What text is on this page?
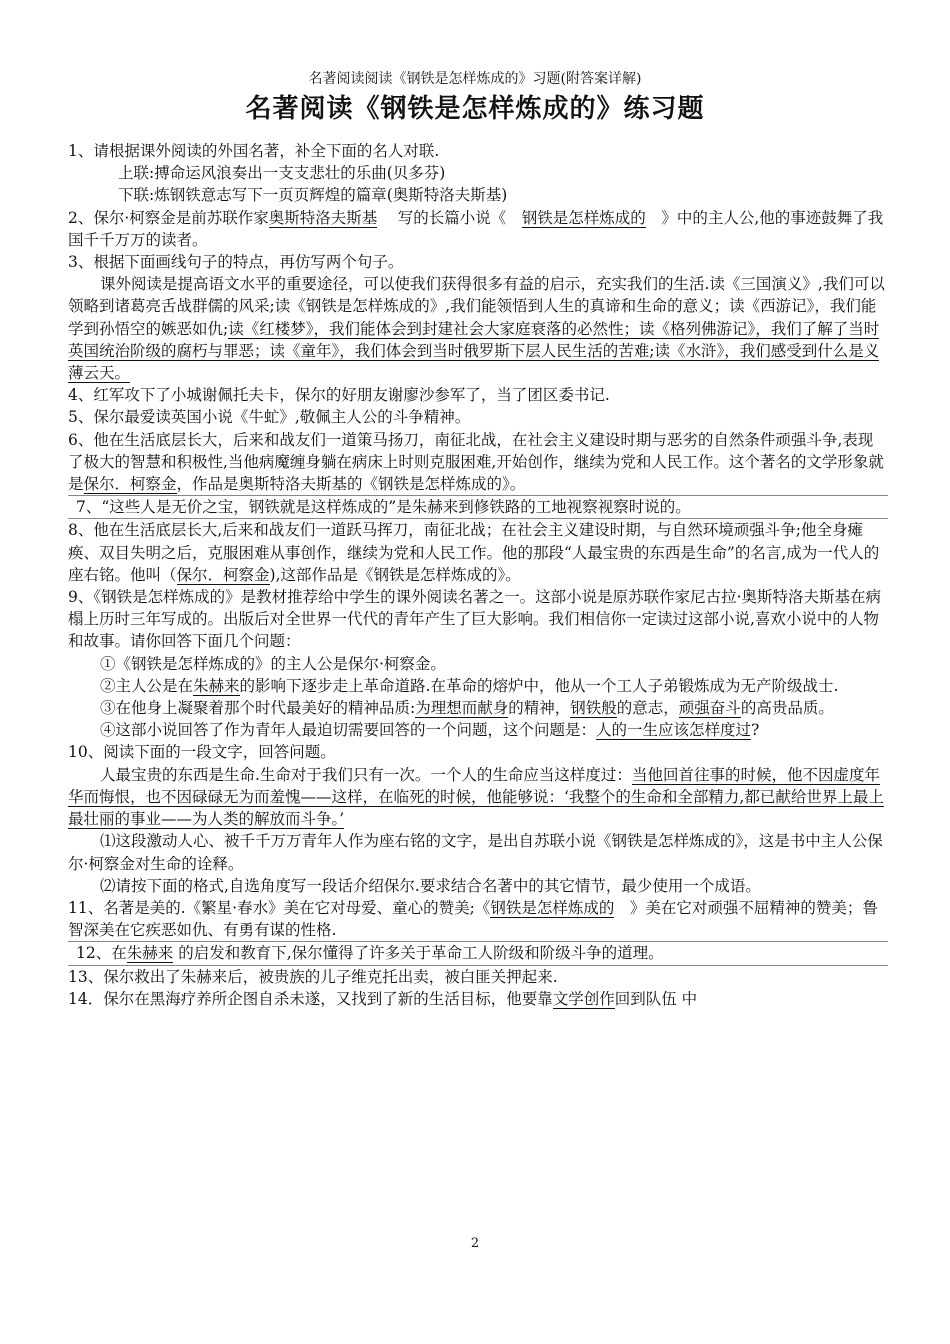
名著阅读阅读《钢铁是怎样炼成的》习题(附答案详解)
名著阅读《钢铁是怎样炼成的》练习题

1、请根据课外阅读的外国名著，补全下面的名人对联.

上联:搏命运风浪奏出一支支悲壮的乐曲(贝多芬)

下联:炼钢铁意志写下一页页辉煌的篇章(奥斯特洛夫斯基)

2、保尔·柯察金是前苏联作家奥斯特洛夫斯基　 写的长篇小说《　 钢铁是怎样炼成的　 》中的主人公,他的事迹鼓舞了我国千千万万的读者。

3、根据下面画线句子的特点，再仿写两个句子。

课外阅读是提高语文水平的重要途径，可以使我们获得很多有益的启示，充实我们的生活.读《三国演义》,我们可以领略到诸葛亮舌战群儒的风采;读《钢铁是怎样炼成的》,我们能领悟到人生的真谛和生命的意义；读《西游记》，我们能学到孙悟空的嫉恶如仇;读《红楼梦》，我们能体会到封建社会大家庭衰落的必然性；读《格列佛游记》，我们了解了当时英国统治阶级的腐朽与罪恶；读《童年》，我们体会到当时俄罗斯下层人民生活的苦难;读《水浒》，我们感受到什么是义薄云天。

4、红军攻下了小城谢佩托夫卡，保尔的好朋友谢廖沙参军了，当了团区委书记.

5、保尔最爱读英国小说《牛虻》,敬佩主人公的斗争精神。

6、他在生活底层长大，后来和战友们一道策马扬刀，南征北战，在社会主义建设时期与恶劣的自然条件顽强斗争,表现了极大的智慧和积极性,当他病魔缠身躺在病床上时则克服困难,开始创作，继续为党和人民工作。这个著名的文学形象就是保尔．柯察金，作品是奥斯特洛夫斯基的《钢铁是怎样炼成的》。

7、“这些人是无价之宝，钢铁就是这样炼成的”是朱赫来到修铁路的工地视察视察时说的。

8、他在生活底层长大,后来和战友们一道跃马挥刀，南征北战；在社会主义建设时期，与自然环境顽强斗争;他全身瘫痪、双目失明之后，克服困难从事创作，继续为党和人民工作。他的那段“人最宝贵的东西是生命”的名言,成为一代人的座右铭。他叫（保尔．柯察金),这部作品是《钢铁是怎样炼成的》。

9、《钢铁是怎样炼成的》是教材推荐给中学生的课外阅读名著之一。这部小说是原苏联作家尼古拉·奥斯特洛夫斯基在病榻上历时三年写成的。出版后对全世界一代代的青年产生了巨大影响。我们相信你一定读过这部小说,喜欢小说中的人物和故事。请你回答下面几个问题：

①《钢铁是怎样炼成的》的主人公是保尔·柯察金。

②主人公是在朱赫来的影响下逐步走上革命道路.在革命的熔炉中，他从一个工人子弟锻炼成为无产阶级战士.

③在他身上凝聚着那个时代最美好的精神品质:为理想而献身的精神，钢铁般的意志，顽强奋斗的高贵品质。

④这部小说回答了作为青年人最迫切需要回答的一个问题，这个问题是：人的一生应该怎样度过?

10、阅读下面的一段文字，回答问题。

人最宝贵的东西是生命.生命对于我们只有一次。一个人的生命应当这样度过：当他回首往事的时候，他不因虚度年华而悔恨，也不因碌碌无为而羞愧——这样，在临死的时候，他能够说：‘我整个的生命和全部精力,都已献给世界上最上最壮丽的事业——为人类的解放而斗争。’

⑴这段激动人心、被千千万万青年人作为座右铭的文字，是出自苏联小说《钢铁是怎样炼成的》，这是书中主人公保尔·柯察金对生命的诠释。

⑵请按下面的格式,自选角度写一段话介绍保尔.要求结合名著中的其它情节，最少使用一个成语。

11、名著是美的.《繁星·春水》美在它对母爱、童心的赞美;《钢铁是怎样炼成的　 》美在它对顽强不屈精神的赞美；鲁智深美在它疾恶如仇、有勇有谋的性格.

12、在朱赫来 的启发和教育下,保尔懂得了许多关于革命工人阶级和阶级斗争的道理。

13、保尔救出了朱赫来后，被贵族的儿子维克托出卖，被白匪关押起来.

14．保尔在黑海疗养所企图自杀未遂，又找到了新的生活目标，他要靠文学创作回到队伍 中

2
